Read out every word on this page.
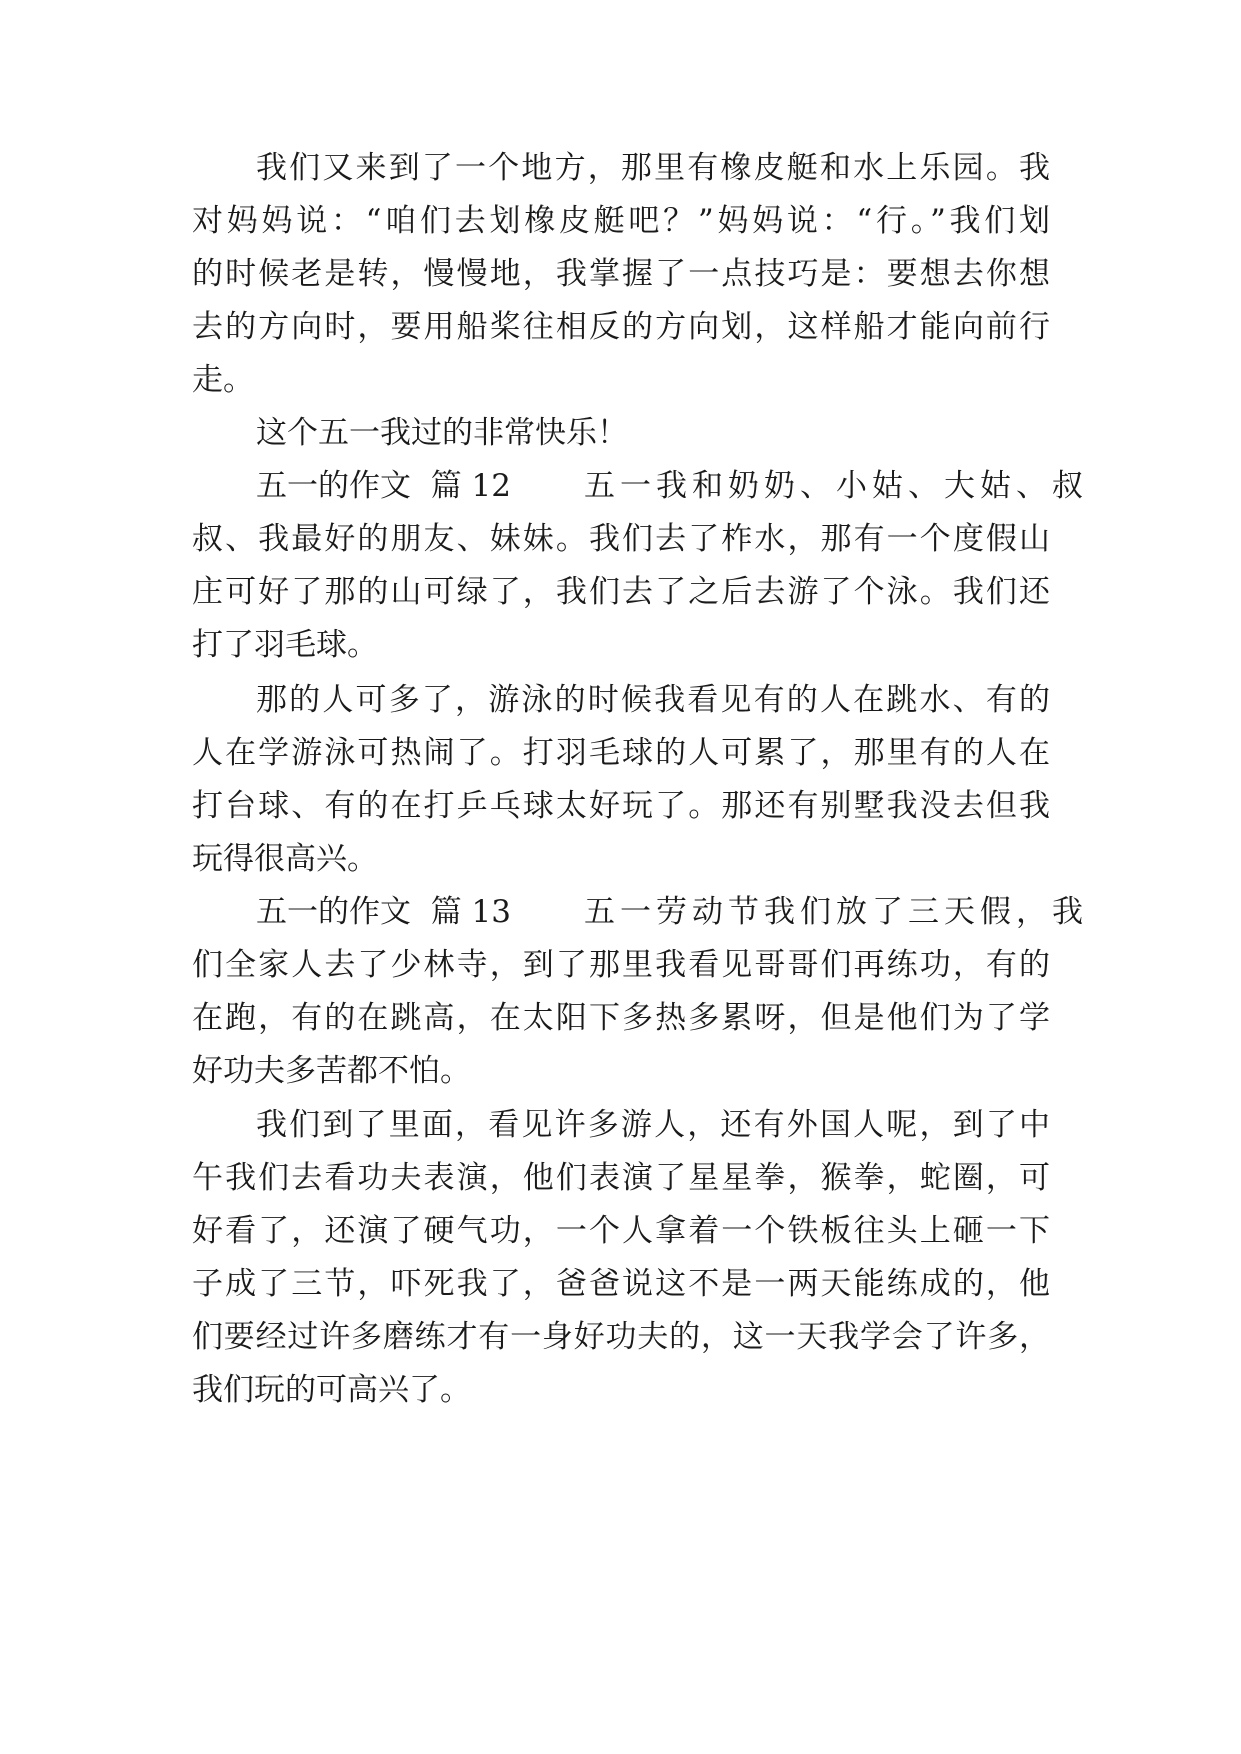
我们又来到了一个地方，那里有橡皮艇和水上乐园。我
对妈妈说：“咱们去划橡皮艇吧？”妈妈说：“行。”我们划
的时候老是转，慢慢地，我掌握了一点技巧是：要想去你想
去的方向时，要用船桨往相反的方向划，这样船才能向前行
走。
这个五一我过的非常快乐！
五一的作文  篇 12 五一我和奶奶、小姑、大姑、叔
叔、我最好的朋友、妹妹。我们去了柞水，那有一个度假山
庄可好了那的山可绿了，我们去了之后去游了个泳。我们还
打了羽毛球。
那的人可多了，游泳的时候我看见有的人在跳水、有的
人在学游泳可热闹了。打羽毛球的人可累了，那里有的人在
打台球、有的在打乒乓球太好玩了。那还有别墅我没去但我
玩得很高兴。
五一的作文  篇 13 五一劳动节我们放了三天假，我
们全家人去了少林寺，到了那里我看见哥哥们再练功，有的
在跑，有的在跳高，在太阳下多热多累呀，但是他们为了学
好功夫多苦都不怕。
我们到了里面，看见许多游人，还有外国人呢，到了中
午我们去看功夫表演，他们表演了星星拳，猴拳，蛇圈，可
好看了，还演了硬气功，一个人拿着一个铁板往头上砸一下
子成了三节，吓死我了，爸爸说这不是一两天能练成的，他
们要经过许多磨练才有一身好功夫的，这一天我学会了许多，
我们玩的可高兴了。
